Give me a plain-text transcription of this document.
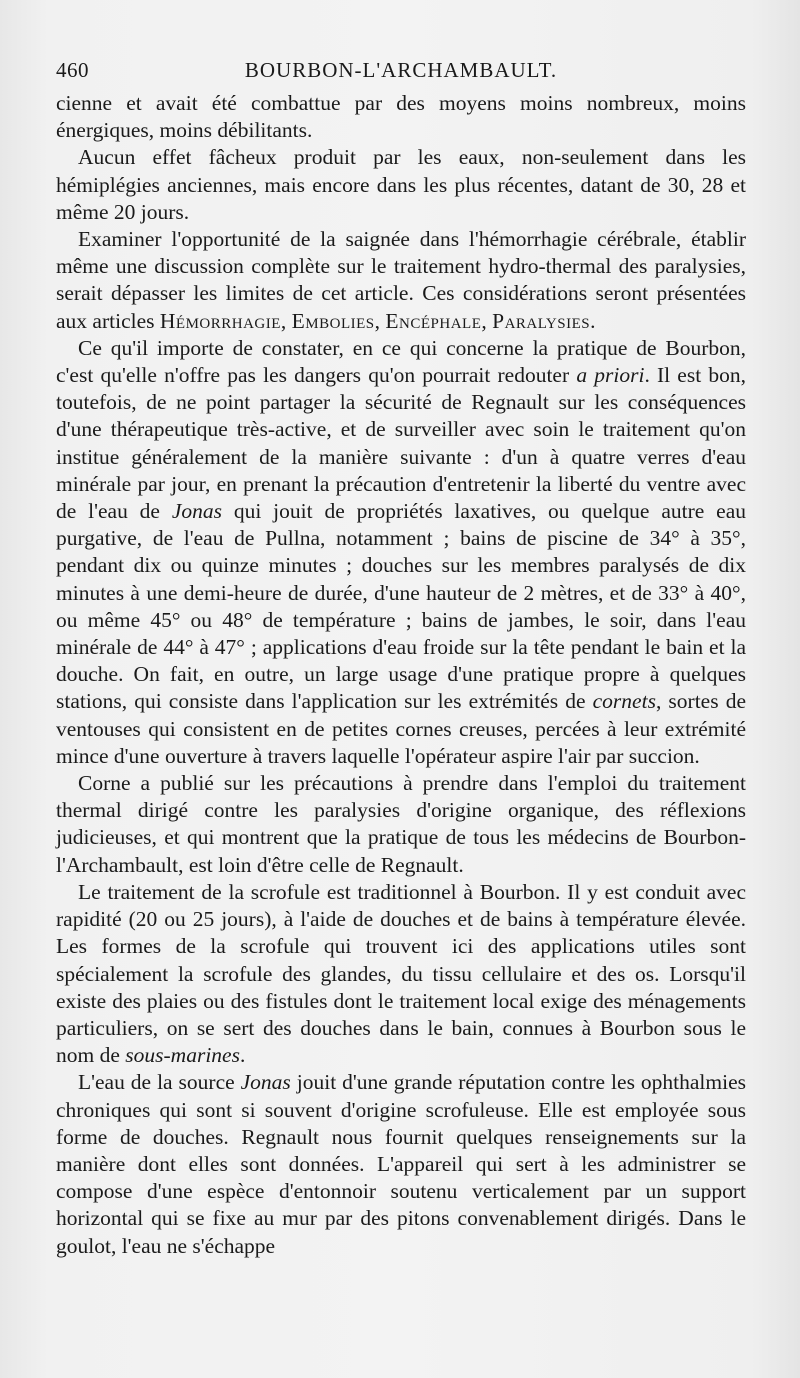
460	BOURBON-L'ARCHAMBAULT.

cienne et avait été combattue par des moyens moins nombreux, moins énergiques, moins débilitants.

Aucun effet fâcheux produit par les eaux, non-seulement dans les hémiplégies anciennes, mais encore dans les plus récentes, datant de 30, 28 et même 20 jours.

Examiner l'opportunité de la saignée dans l'hémorrhagie cérébrale, établir même une discussion complète sur le traitement hydro-thermal des paralysies, serait dépasser les limites de cet article. Ces considérations seront présentées aux articles Hémorrhagie, Embolies, Encéphale, Paralysies.

Ce qu'il importe de constater, en ce qui concerne la pratique de Bourbon, c'est qu'elle n'offre pas les dangers qu'on pourrait redouter a priori. Il est bon, toutefois, de ne point partager la sécurité de Regnault sur les conséquences d'une thérapeutique très-active, et de surveiller avec soin le traitement qu'on institue généralement de la manière suivante : d'un à quatre verres d'eau minérale par jour, en prenant la précaution d'entretenir la liberté du ventre avec de l'eau de Jonas qui jouit de propriétés laxatives, ou quelque autre eau purgative, de l'eau de Pullna, notamment ; bains de piscine de 34° à 35°, pendant dix ou quinze minutes ; douches sur les membres paralysés de dix minutes à une demi-heure de durée, d'une hauteur de 2 mètres, et de 33° à 40°, ou même 45° ou 48° de température ; bains de jambes, le soir, dans l'eau minérale de 44° à 47° ; applications d'eau froide sur la tête pendant le bain et la douche. On fait, en outre, un large usage d'une pratique propre à quelques stations, qui consiste dans l'application sur les extrémités de cornets, sortes de ventouses qui consistent en de petites cornes creuses, percées à leur extrémité mince d'une ouverture à travers laquelle l'opérateur aspire l'air par succion.

Corne a publié sur les précautions à prendre dans l'emploi du traitement thermal dirigé contre les paralysies d'origine organique, des réflexions judicieuses, et qui montrent que la pratique de tous les médecins de Bourbon-l'Archambault, est loin d'être celle de Regnault.

Le traitement de la scrofule est traditionnel à Bourbon. Il y est conduit avec rapidité (20 ou 25 jours), à l'aide de douches et de bains à température élevée. Les formes de la scrofule qui trouvent ici des applications utiles sont spécialement la scrofule des glandes, du tissu cellulaire et des os. Lorsqu'il existe des plaies ou des fistules dont le traitement local exige des ménagements particuliers, on se sert des douches dans le bain, connues à Bourbon sous le nom de sous-marines.

L'eau de la source Jonas jouit d'une grande réputation contre les ophthalmies chroniques qui sont si souvent d'origine scrofuleuse. Elle est employée sous forme de douches. Regnault nous fournit quelques renseignements sur la manière dont elles sont données. L'appareil qui sert à les administrer se compose d'une espèce d'entonnoir soutenu verticalement par un support horizontal qui se fixe au mur par des pitons convenablement dirigés. Dans le goulot, l'eau ne s'échappe
